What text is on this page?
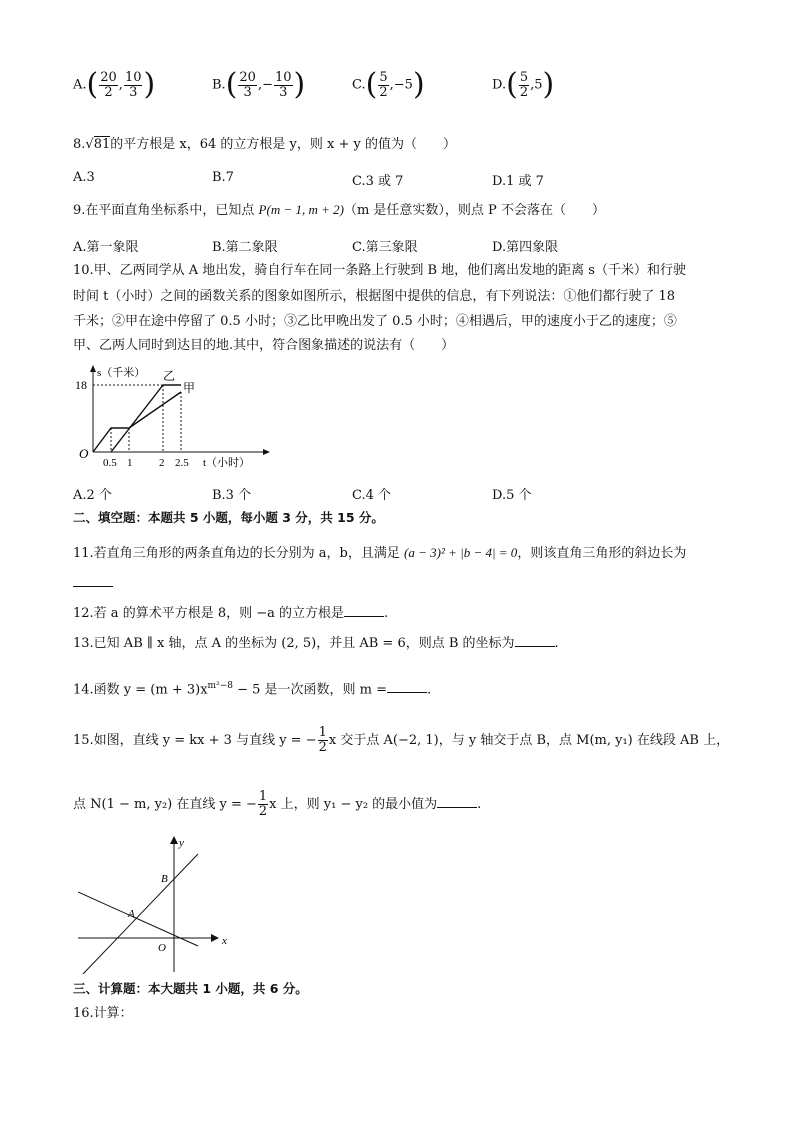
$A.( \frac{20}{2}$ , $\frac{10}{3}$ )	$B.( \frac{20}{3}$ ,− $\frac{10}{3}$ )	$C.( \frac{5}{2} ,-5)$	$D.( \frac{5}{2} ,5)$
8.√81的平方根是 x，64 的立方根是 y，则 x + y 的值为（　　）
A.3	B.7	C.3 或 7	D.1 或 7
9.在平面直角坐标系中，已知点 P(m − 1, m + 2)（m 是任意实数），则点 P 不会落在（　　）
A.第一象限	B.第二象限	C.第三象限	D.第四象限
10.甲、乙两同学从 A 地出发，骑自行车在同一条路上行驶到 B 地，他们离出发地的距离 s（千米）和行驶
时间 t（小时）之间的函数关系的图象如图所示，根据图中提供的信息，有下列说法：①他们都行驶了 18
千米；②甲在途中停留了 0.5 小时；③乙比甲晚出发了 0.5 小时；④相遇后，甲的速度小于乙的速度；⑤
甲、乙两人同时到达目的地.其中，符合图象描述的说法有（　　）
18
s（千米）
O
0.5 1 2 2.5 t（小时）
乙
甲
A.2 个	B.3 个	C.4 个	D.5 个
二、填空题：本题共 5 小题，每小题 3 分，共 15 分。
11.若直角三角形的两条直角边的长分别为 a，b，且满足 (a − 3)² + |b − 4| = 0，则该直角三角形的斜边长为
12.若 a 的算术平方根是 8，则 −a 的立方根是	.
13.已知 AB ∥ x 轴，点 A 的坐标为 (2, 5)，并且 AB = 6，则点 B 的坐标为	.
14.函数 $y = (m + 3)x^{m^2-8} - 5$ 是一次函数，则 m =	.
15.如图，直线 y = kx + 3 与直线 y = − $\frac{1}{2}$ x 交于点 A(−2, 1)，与 y 轴交于点 B，点 M(m, y₁) 在线段 AB 上，
点 N(1 − m, y₂) 在直线 y = − $\frac{1}{2}$ x 上，则 y₁ − y₂ 的最小值为	.
y
x
B
A
O
三、计算题：本大题共 1 小题，共 6 分。
16.计算：
